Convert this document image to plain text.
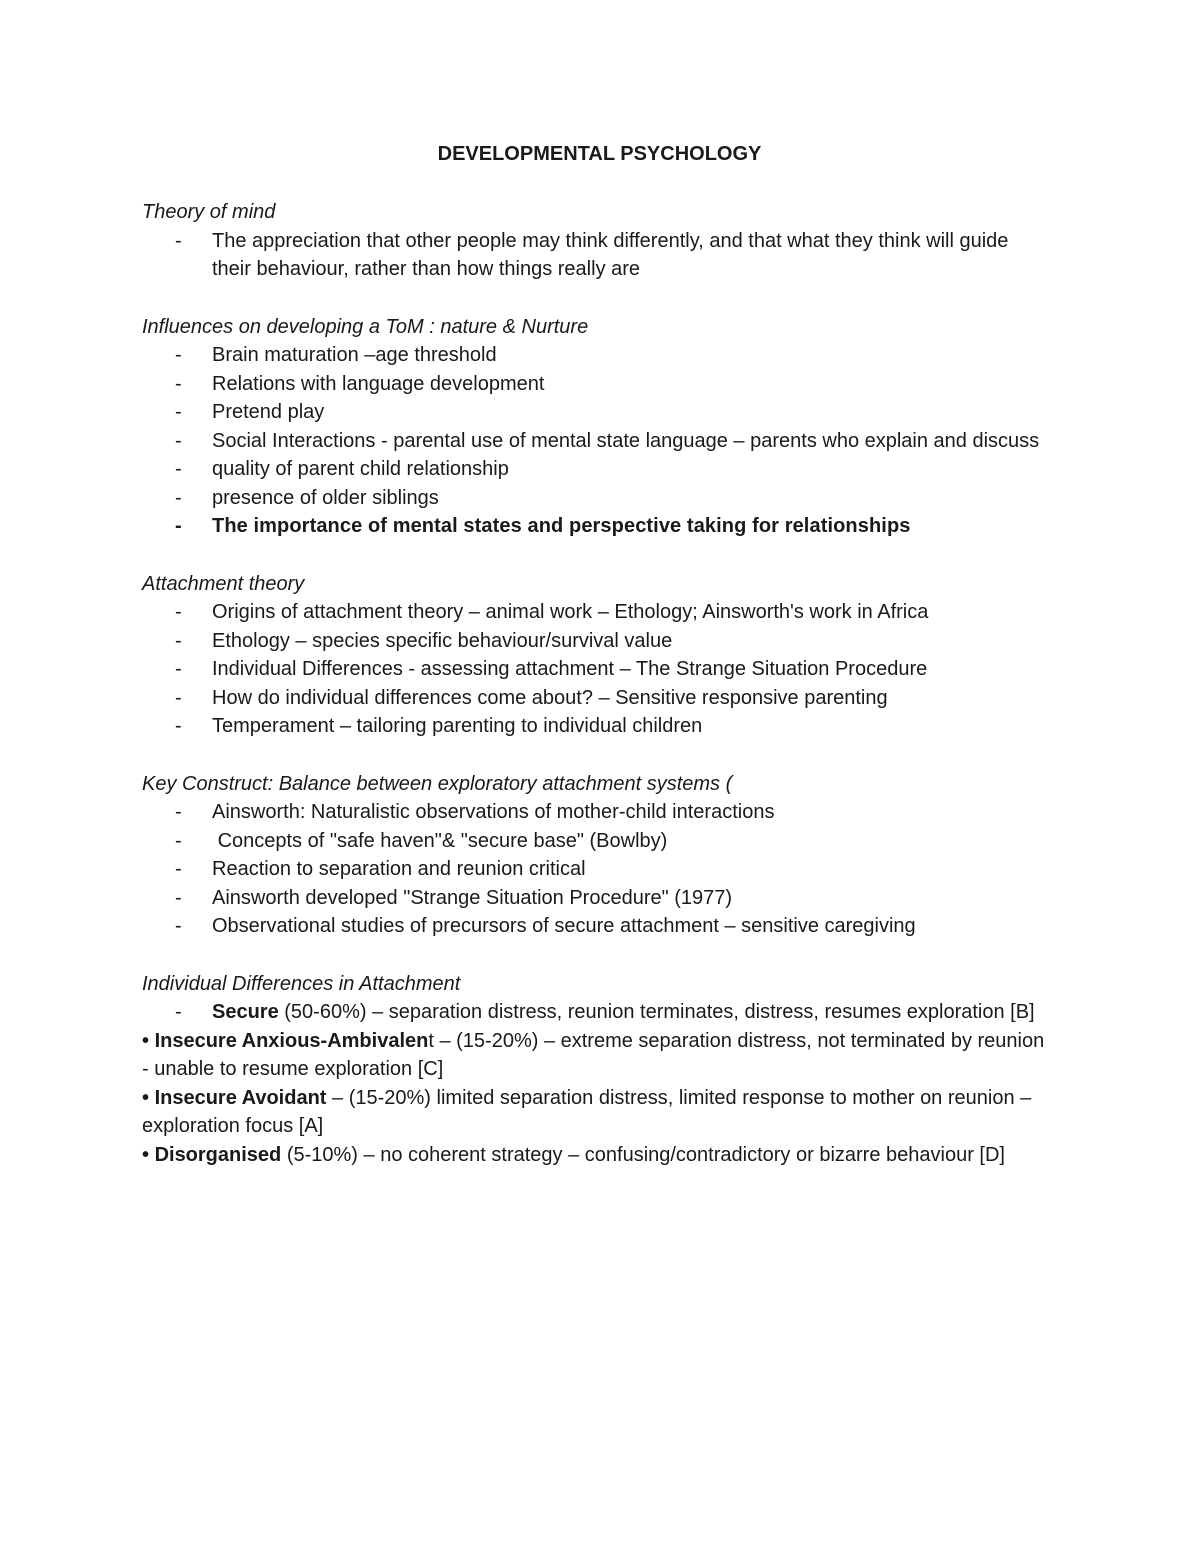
DEVELOPMENTAL PSYCHOLOGY
Theory of mind
- The appreciation that other people may think differently, and that what they think will guide their behaviour, rather than how things really are
Influences on developing a ToM : nature & Nurture
- Brain maturation –age threshold
- Relations with language development
- Pretend play
- Social Interactions - parental use of mental state language – parents who explain and discuss
- quality of parent child relationship
- presence of older siblings
- The importance of mental states and perspective taking for relationships
Attachment theory
- Origins of attachment theory – animal work – Ethology; Ainsworth's work in Africa
- Ethology – species specific behaviour/survival value
- Individual Differences - assessing attachment – The Strange Situation Procedure
- How do individual differences come about? – Sensitive responsive parenting
- Temperament – tailoring parenting to individual children
Key Construct: Balance between exploratory attachment systems (
- Ainsworth: Naturalistic observations of mother-child interactions
- Concepts of "safe haven"& "secure base" (Bowlby)
- Reaction to separation and reunion critical
- Ainsworth developed "Strange Situation Procedure" (1977)
- Observational studies of precursors of secure attachment – sensitive caregiving
Individual Differences in Attachment
- Secure (50-60%) – separation distress, reunion terminates, distress, resumes exploration [B]
• Insecure Anxious-Ambivalent – (15-20%) – extreme separation distress, not terminated by reunion - unable to resume exploration [C]
• Insecure Avoidant – (15-20%) limited separation distress, limited response to mother on reunion – exploration focus [A]
• Disorganised (5-10%) – no coherent strategy – confusing/contradictory or bizarre behaviour [D]
